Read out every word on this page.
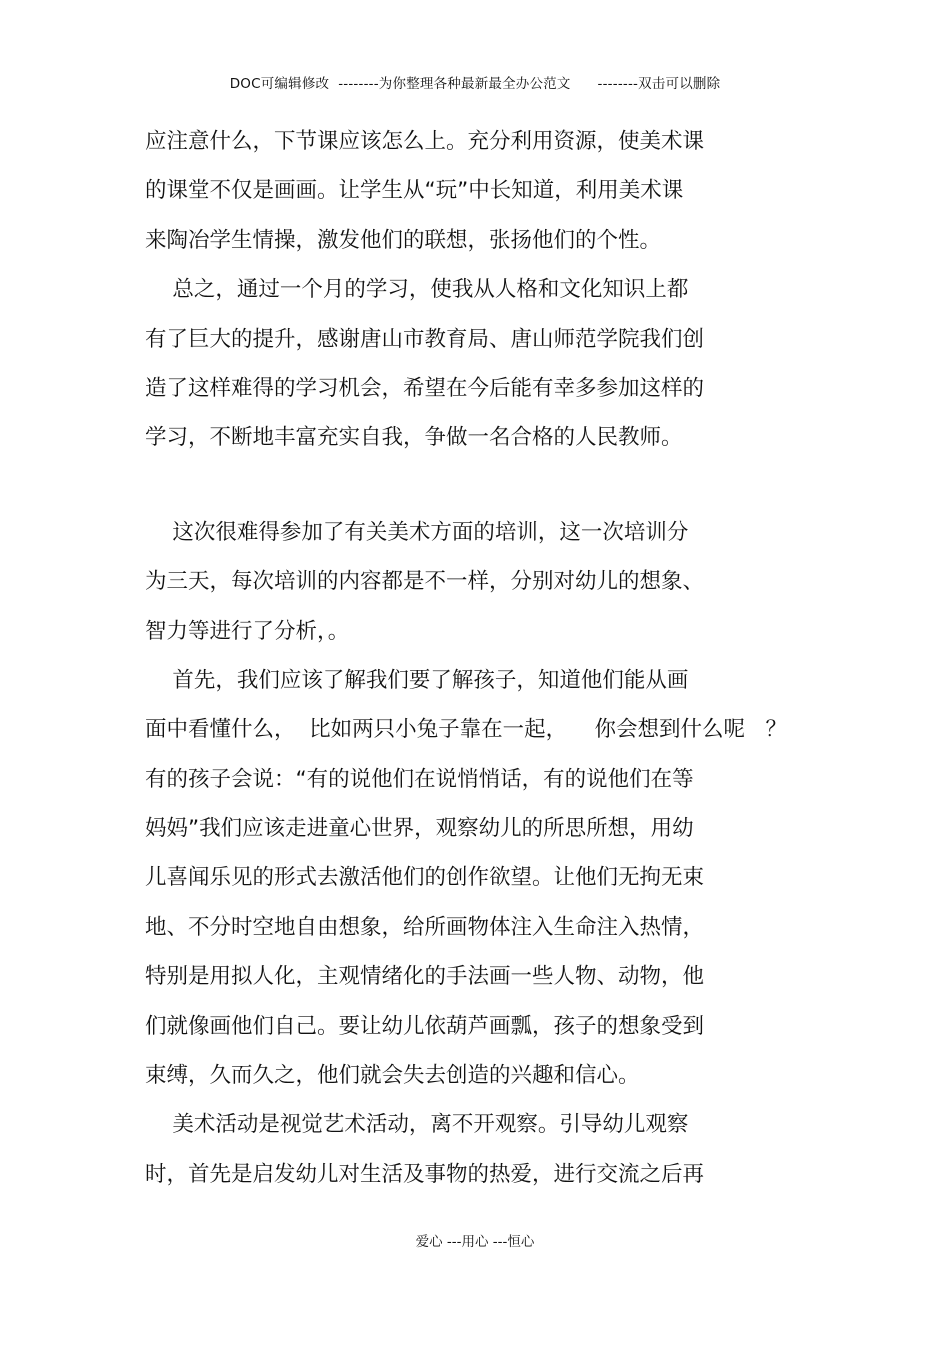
DOC可编辑修改  --------为你整理各种最新最全办公范文      --------双击可以删除
应注意什么，下节课应该怎么上。充分利用资源，使美术课
的课堂不仅是画画。让学生从“玩”中长知道，利用美术课
来陶冶学生情操，激发他们的联想，张扬他们的个性。
总之，通过一个月的学习，使我从人格和文化知识上都
有了巨大的提升，感谢唐山市教育局、唐山师范学院我们创
造了这样难得的学习机会，希望在今后能有幸多参加这样的
学习，不断地丰富充实自我，争做一名合格的人民教师。
这次很难得参加了有关美术方面的培训，这一次培训分
为三天，每次培训的内容都是不一样，分别对幼儿的想象、
智力等进行了分析，。
首先，我们应该了解我们要了解孩子，知道他们能从画
面中看懂什么，  比如两只小兔子靠在一起，    你会想到什么呢   ？
有的孩子会说：“有的说他们在说悄悄话，有的说他们在等
妈妈”我们应该走进童心世界，观察幼儿的所思所想，用幼
儿喜闻乐见的形式去激活他们的创作欲望。让他们无拘无束
地、不分时空地自由想象，给所画物体注入生命注入热情，
特别是用拟人化，主观情绪化的手法画一些人物、动物，他
们就像画他们自己。要让幼儿依葫芦画瓢，孩子的想象受到
束缚，久而久之，他们就会失去创造的兴趣和信心。
美术活动是视觉艺术活动，离不开观察。引导幼儿观察
时，首先是启发幼儿对生活及事物的热爱，进行交流之后再
爱心 ---用心 ---恒心
